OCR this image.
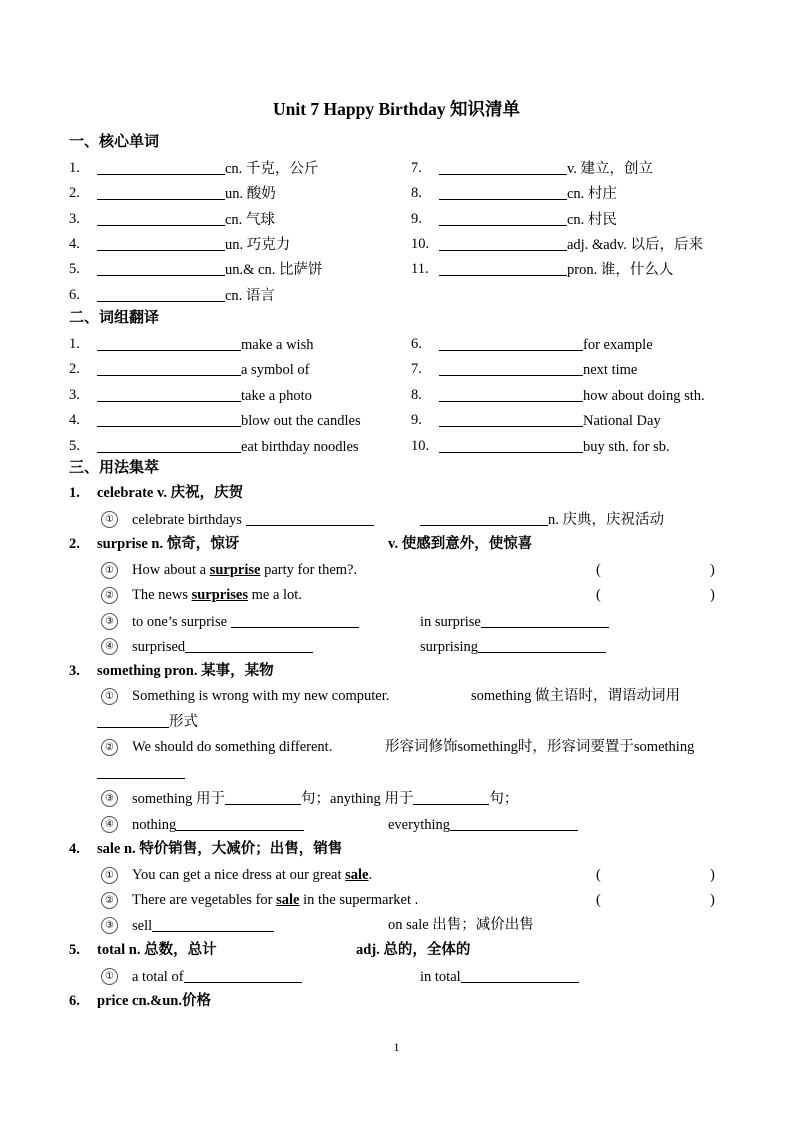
Unit 7 Happy Birthday 知识清单
一、核心单词
1.	cn. 千克，公斤
2.	un. 酸奶
3.	cn. 气球
4.	un. 巧克力
5.	un.& cn. 比萨饼
6.	cn. 语言
7.	v. 建立，创立
8.	cn. 村庄
9.	cn. 村民
10.	adj. &adv. 以后，后来
11.	pron. 谁，什么人
二、词组翻译
1.	make a wish
2.	a symbol of
3.	take a photo
4.	blow out the candles
5.	eat birthday noodles
6.	for example
7.	next time
8.	how about doing sth.
9.	National Day
10.	buy sth. for sb.
三、用法集萃
1. celebrate v. 庆祝，庆贺
① celebrate birthdays	n. 庆典，庆祝活动
2. surprise n. 惊奇，惊讶	v. 使感到意外，使惊喜
① How about a surprise party for them?.	(	)
② The news surprises me a lot.	(	)
③ to one’s surprise	in surprise
④ surprised	surprising
3. something pron. 某事，某物
① Something is wrong with my new computer.	something 做主语时，谓语动词用
形式
② We should do something different.	形容词修饰something时，形容词要置于something
③ something 用于	句；anything 用于	句；
④ nothing	everything
4. sale n. 特价销售，大减价；出售，销售
① You can get a nice dress at our great sale.	(	)
② There are vegetables for sale in the supermarket .	(	)
③ sell	on sale 出售；减价出售
5. total n. 总数，总计	adj. 总的，全体的
① a total of	in total
6. price cn.&un.价格
1
